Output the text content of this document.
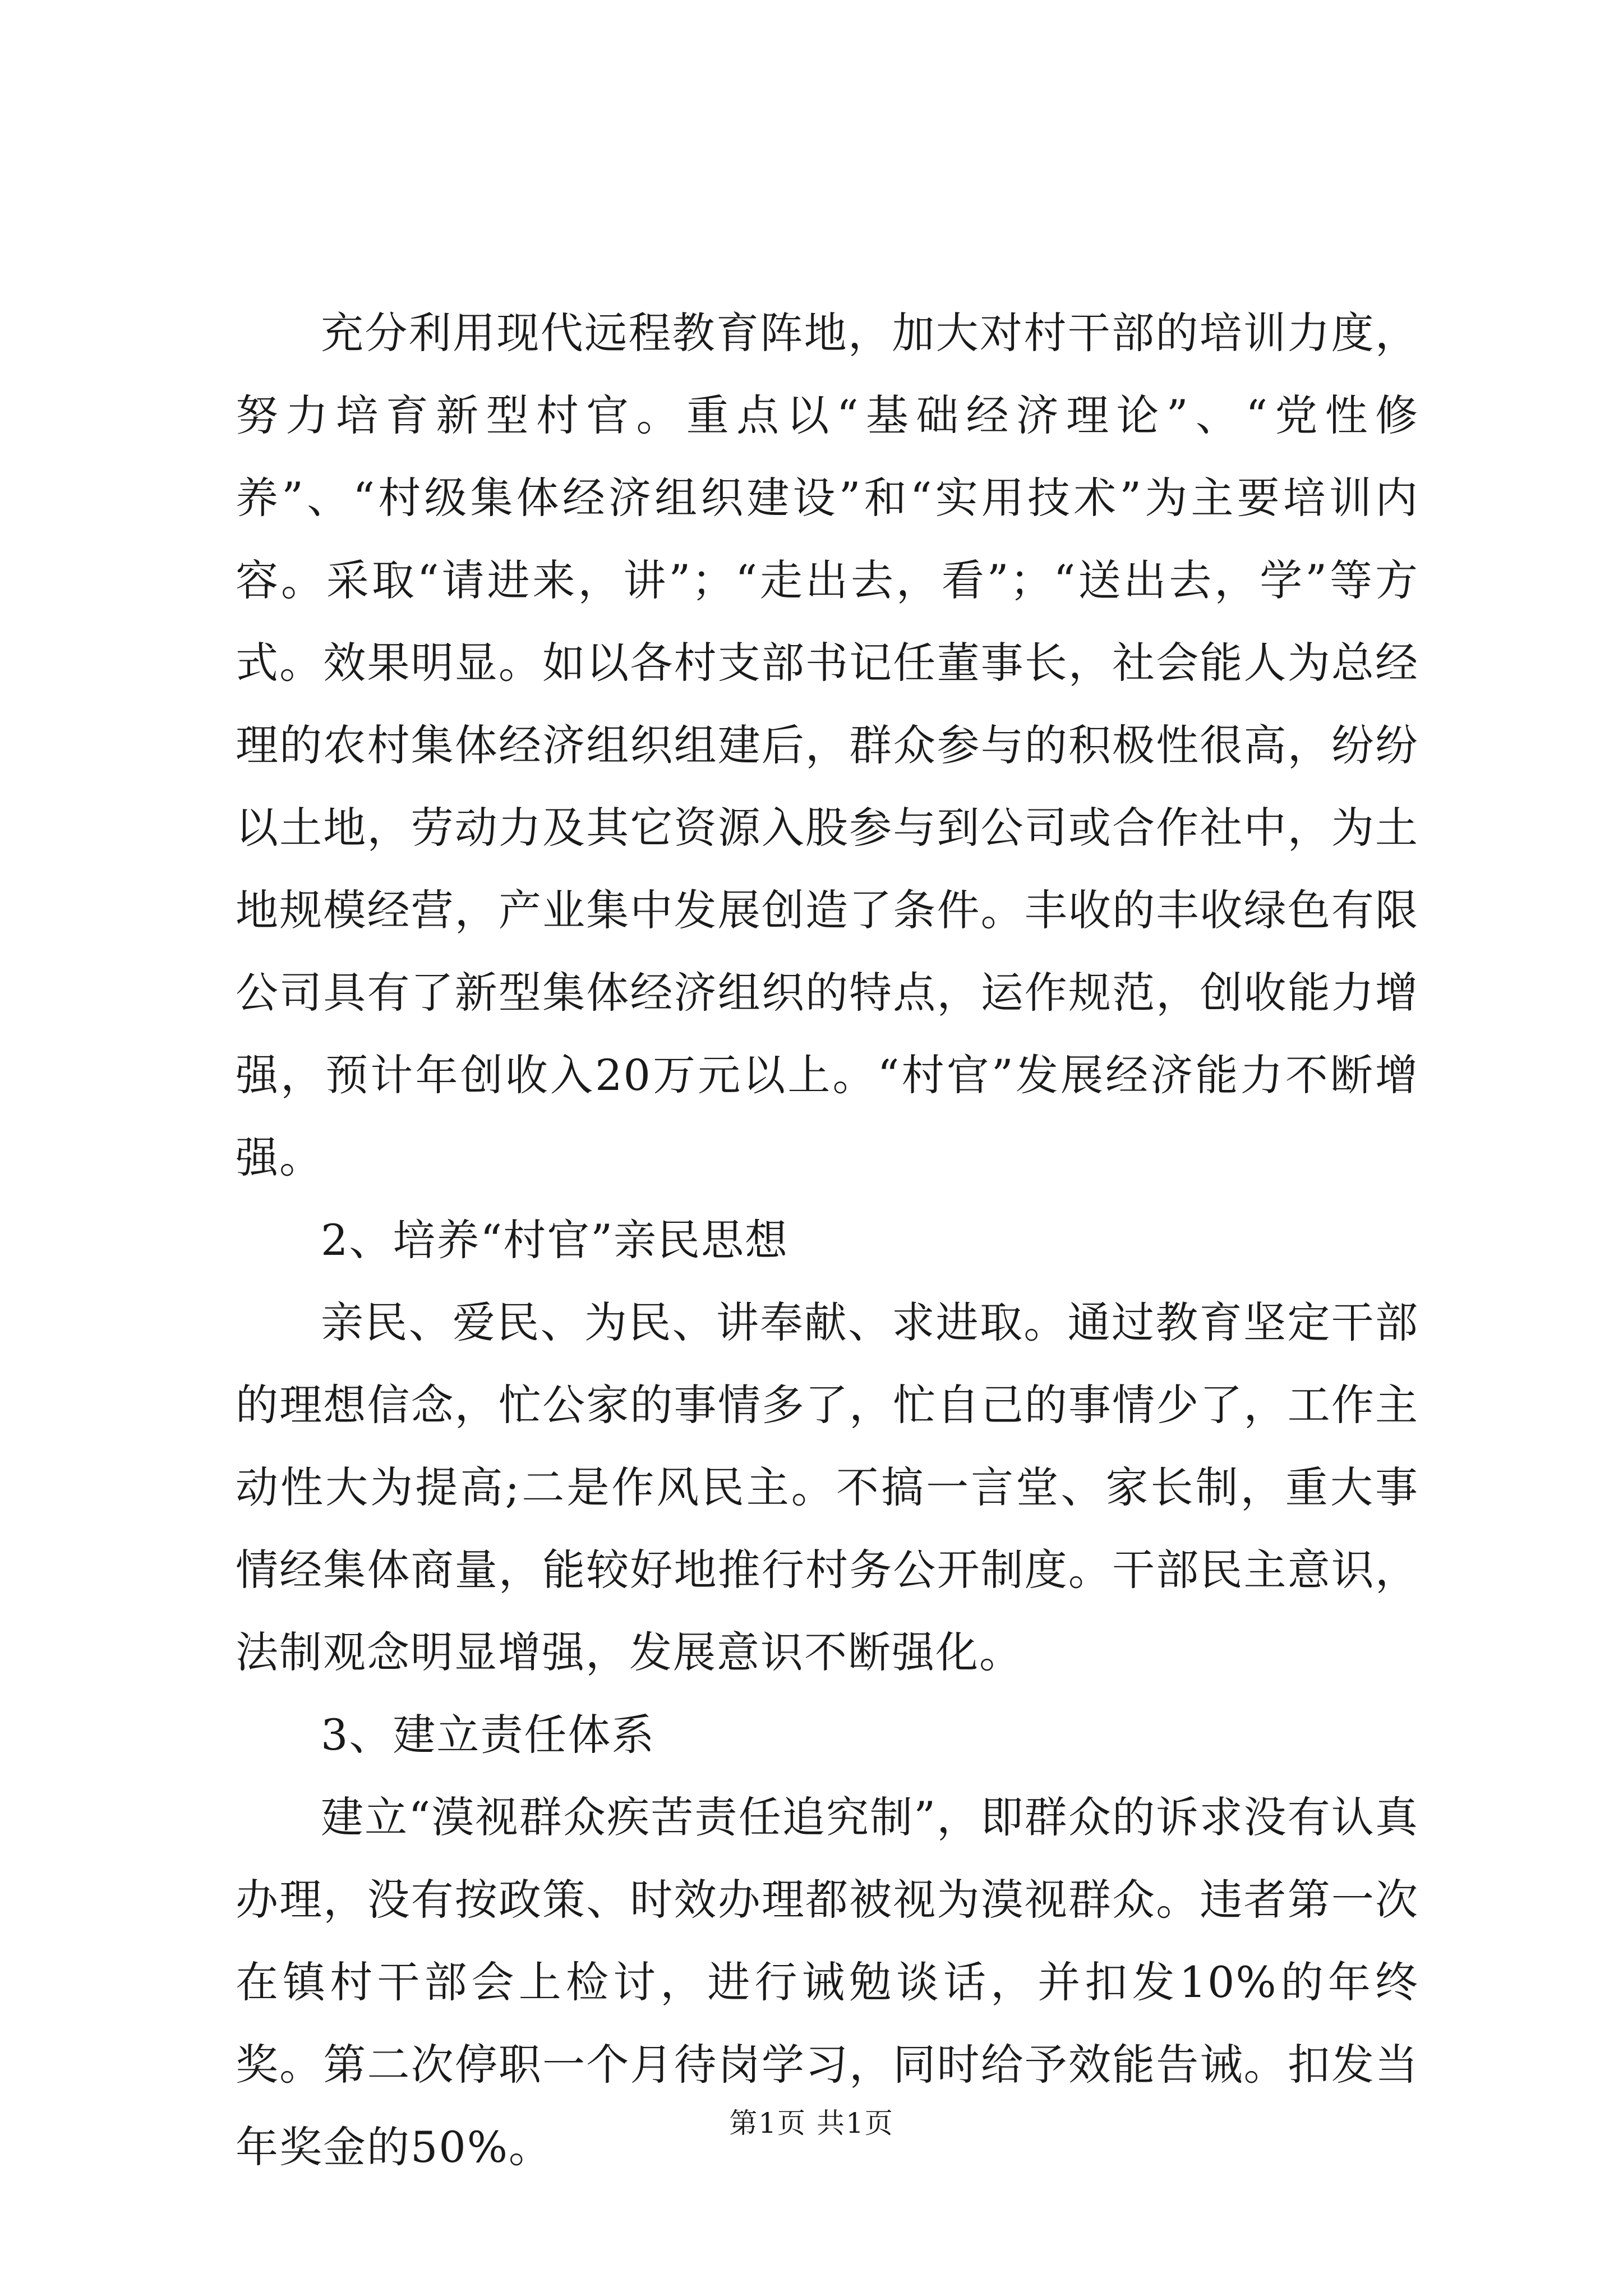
充分利用现代远程教育阵地，加大对村干部的培训力度，努力培育新型村官。重点以“基础经济理论”、“党性修养”、“村级集体经济组织建设”和“实用技术”为主要培训内容。采取“请进来，讲”；“走出去，看”；“送出去，学”等方式。效果明显。如以各村支部书记任董事长，社会能人为总经理的农村集体经济组织组建后，群众参与的积极性很高，纷纷以土地，劳动力及其它资源入股参与到公司或合作社中，为土地规模经营，产业集中发展创造了条件。丰收的丰收绿色有限公司具有了新型集体经济组织的特点，运作规范，创收能力增强，预计年创收入20万元以上。“村官”发展经济能力不断增强。

2、培养“村官”亲民思想

亲民、爱民、为民、讲奉献、求进取。通过教育坚定干部的理想信念，忙公家的事情多了，忙自己的事情少了，工作主动性大为提高;二是作风民主。不搞一言堂、家长制，重大事情经集体商量，能较好地推行村务公开制度。干部民主意识，法制观念明显增强，发展意识不断强化。

3、建立责任体系

建立“漠视群众疾苦责任追究制”，即群众的诉求没有认真办理，没有按政策、时效办理都被视为漠视群众。违者第一次在镇村干部会上检讨，进行诫勉谈话，并扣发10%的年终奖。第二次停职一个月待岗学习，同时给予效能告诫。扣发当年奖金的50%。	第1页 共1页
